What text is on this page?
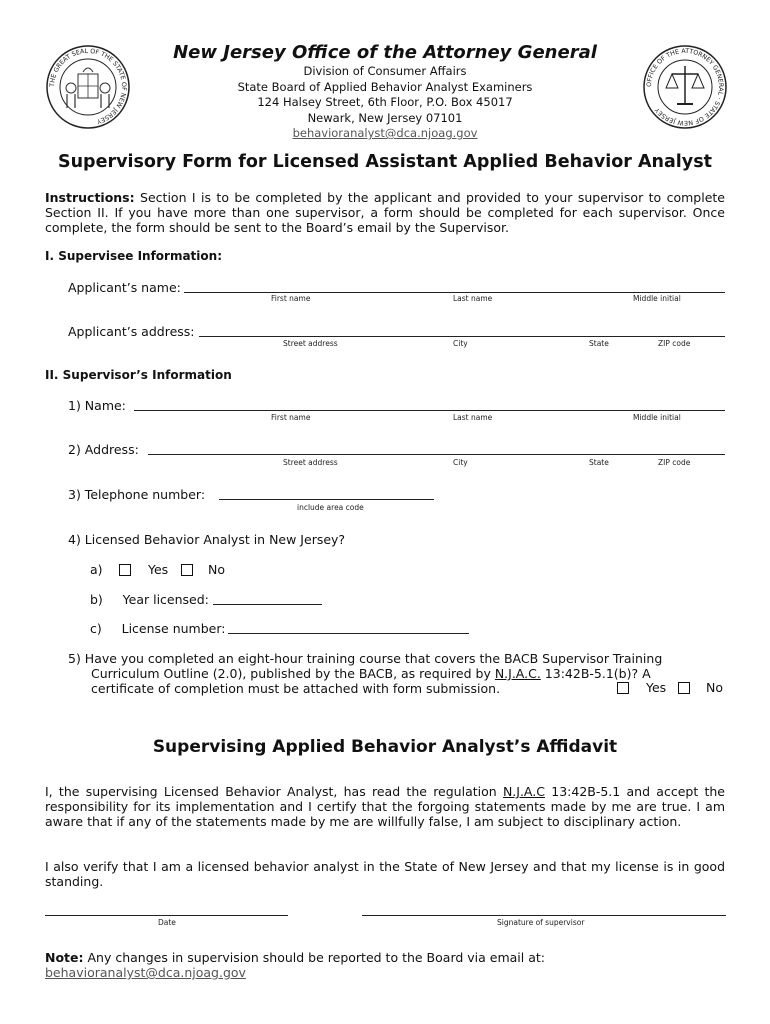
THE GREAT SEAL OF THE STATE OF NEW JERSEY
OFFICE OF THE ATTORNEY GENERAL · STATE OF NEW JERSEY
New Jersey Office of the Attorney General
Division of Consumer Affairs
State Board of Applied Behavior Analyst Examiners
124 Halsey Street, 6th Floor, P.O. Box 45017
Newark, New Jersey 07101
behavioranalyst@dca.njoag.gov
Supervisory Form for Licensed Assistant Applied Behavior Analyst
Instructions: Section I is to be completed by the applicant and provided to your supervisor to complete Section II. If you have more than one supervisor, a form should be completed for each supervisor. Once complete, the form should be sent to the Board’s email by the Supervisor.
I. Supervisee Information:
Applicant’s name:
First name	Last name	Middle initial
Applicant’s address:
Street address	City	State	ZIP code
II. Supervisor’s Information
1) Name:
First name	Last name	Middle initial
2) Address:
Street address	City	State	ZIP code
3) Telephone number:
include area code
4) Licensed Behavior Analyst in New Jersey?
a)	Yes	No
b)     Year licensed:
c)     License number:
5) Have you completed an eight-hour training course that covers the BACB Supervisor Training
Curriculum Outline (2.0), published by the BACB, as required by N.J.A.C. 13:42B-5.1(b)? A
certificate of completion must be attached with form submission.	Yes	No
Supervising Applied Behavior Analyst’s Affidavit
I, the supervising Licensed Behavior Analyst, has read the regulation N.J.A.C 13:42B-5.1 and accept the responsibility for its implementation and I certify that the forgoing statements made by me are true. I am aware that if any of the statements made by me are willfully false, I am subject to disciplinary action.
I also verify that I am a licensed behavior analyst in the State of New Jersey and that my license is in good standing.
Date	Signature of supervisor
Note: Any changes in supervision should be reported to the Board via email at: behavioranalyst@dca.njoag.gov
